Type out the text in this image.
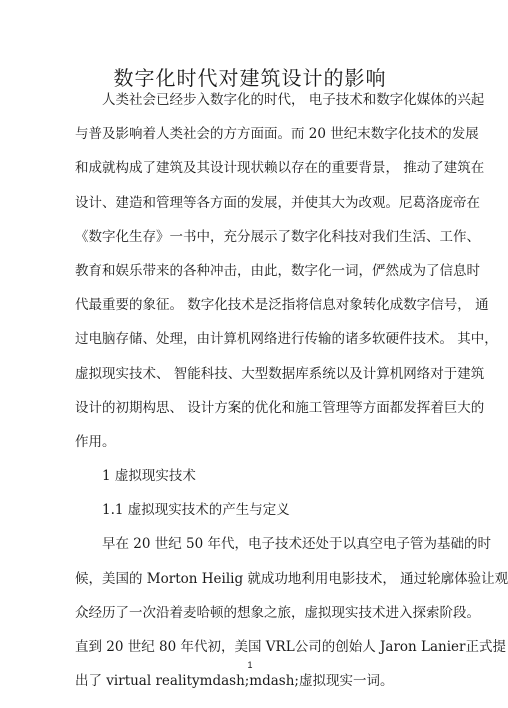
数字化时代对建筑设计的影响
人类社会已经步入数字化的时代， 电子技术和数字化媒体的兴起
与普及影响着人类社会的方方面面。而 20 世纪末数字化技术的发展
和成就构成了建筑及其设计现状赖以存在的重要背景， 推动了建筑在
设计、建造和管理等各方面的发展，并使其大为改观。尼葛洛庞帝在
《数字化生存》一书中，充分展示了数字化科技对我们生活、工作、
教育和娱乐带来的各种冲击，由此，数字化一词，俨然成为了信息时
代最重要的象征。 数字化技术是泛指将信息对象转化成数字信号， 通
过电脑存储、处理，由计算机网络进行传输的诸多软硬件技术。 其中，
虚拟现实技术、 智能科技、大型数据库系统以及计算机网络对于建筑
设计的初期构思、 设计方案的优化和施工管理等方面都发挥着巨大的
作用。
1 虚拟现实技术
1.1 虚拟现实技术的产生与定义
早在 20 世纪 50 年代，电子技术还处于以真空电子管为基础的时
候，美国的 Morton Heilig 就成功地利用电影技术， 通过轮廓体验让观
众经历了一次沿着麦哈顿的想象之旅，虚拟现实技术进入探索阶段。
直到 20 世纪 80 年代初，美国 VRL公司的创始人 Jaron Lanier正式提
出了 virtual realitymdash;mdash;虚拟现实一词。
1
